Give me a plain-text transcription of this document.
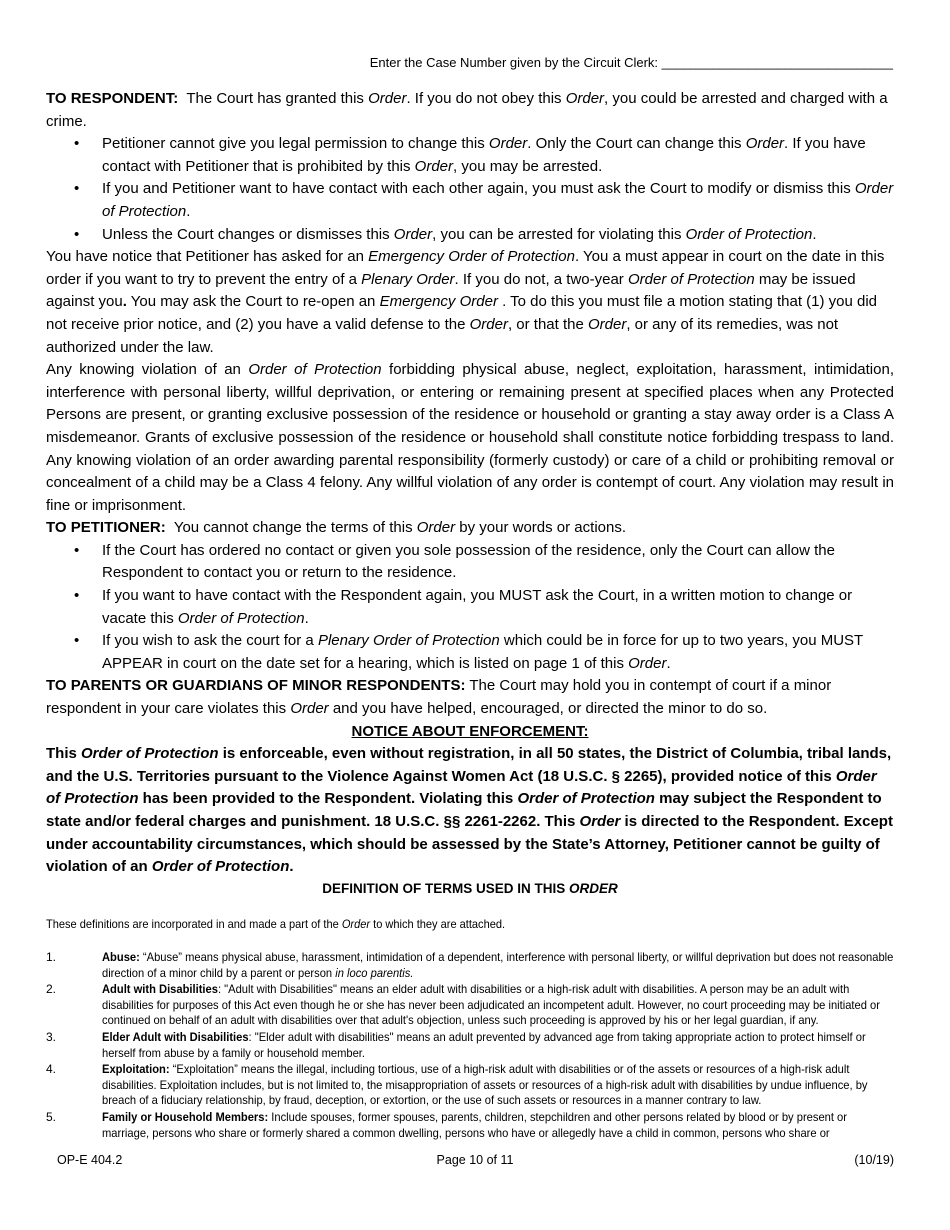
Enter the Case Number given by the Circuit Clerk: ________________________________

TO RESPONDENT: The Court has granted this Order. If you do not obey this Order, you could be arrested and charged with a crime.

• Petitioner cannot give you legal permission to change this Order. Only the Court can change this Order. If you have contact with Petitioner that is prohibited by this Order, you may be arrested.
• If you and Petitioner want to have contact with each other again, you must ask the Court to modify or dismiss this Order of Protection.
• Unless the Court changes or dismisses this Order, you can be arrested for violating this Order of Protection.

You have notice that Petitioner has asked for an Emergency Order of Protection. You a must appear in court on the date in this order if you want to try to prevent the entry of a Plenary Order. If you do not, a two-year Order of Protection may be issued against you. You may ask the Court to re-open an Emergency Order . To do this you must file a motion stating that (1) you did not receive prior notice, and (2) you have a valid defense to the Order, or that the Order, or any of its remedies, was not authorized under the law.

Any knowing violation of an Order of Protection forbidding physical abuse, neglect, exploitation, harassment, intimidation, interference with personal liberty, willful deprivation, or entering or remaining present at specified places when any Protected Persons are present, or granting exclusive possession of the residence or household or granting a stay away order is a Class A misdemeanor. Grants of exclusive possession of the residence or household shall constitute notice forbidding trespass to land. Any knowing violation of an order awarding parental responsibility (formerly custody) or care of a child or prohibiting removal or concealment of a child may be a Class 4 felony. Any willful violation of any order is contempt of court. Any violation may result in fine or imprisonment.

TO PETITIONER: You cannot change the terms of this Order by your words or actions.

• If the Court has ordered no contact or given you sole possession of the residence, only the Court can allow the Respondent to contact you or return to the residence.
• If you want to have contact with the Respondent again, you MUST ask the Court, in a written motion to change or vacate this Order of Protection.
• If you wish to ask the court for a Plenary Order of Protection which could be in force for up to two years, you MUST APPEAR in court on the date set for a hearing, which is listed on page 1 of this Order.

TO PARENTS OR GUARDIANS OF MINOR RESPONDENTS: The Court may hold you in contempt of court if a minor respondent in your care violates this Order and you have helped, encouraged, or directed the minor to do so.

NOTICE ABOUT ENFORCEMENT:

This Order of Protection is enforceable, even without registration, in all 50 states, the District of Columbia, tribal lands, and the U.S. Territories pursuant to the Violence Against Women Act (18 U.S.C. § 2265), provided notice of this Order of Protection has been provided to the Respondent. Violating this Order of Protection may subject the Respondent to state and/or federal charges and punishment. 18 U.S.C. §§ 2261-2262. This Order is directed to the Respondent. Except under accountability circumstances, which should be assessed by the State’s Attorney, Petitioner cannot be guilty of violation of an Order of Protection.

DEFINITION OF TERMS USED IN THIS ORDER
These definitions are incorporated in and made a part of the Order to which they are attached.
1.	Abuse: “Abuse” means physical abuse, harassment, intimidation of a dependent, interference with personal liberty, or willful deprivation but does not reasonable direction of a minor child by a parent or person in loco parentis.
2.	Adult with Disabilities: "Adult with Disabilities" means an elder adult with disabilities or a high-risk adult with disabilities. A person may be an adult with disabilities for purposes of this Act even though he or she has never been adjudicated an incompetent adult. However, no court proceeding may be initiated or continued on behalf of an adult with disabilities over that adult's objection, unless such proceeding is approved by his or her legal guardian, if any.
3.	Elder Adult with Disabilities: "Elder adult with disabilities" means an adult prevented by advanced age from taking appropriate action to protect himself or herself from abuse by a family or household member.
4.	Exploitation: “Exploitation” means the illegal, including tortious, use of a high-risk adult with disabilities or of the assets or resources of a high-risk adult disabilities. Exploitation includes, but is not limited to, the misappropriation of assets or resources of a high-risk adult with disabilities by undue influence, by breach of a fiduciary relationship, by fraud, deception, or extortion, or the use of such assets or resources in a manner contrary to law.
5.	Family or Household Members: Include spouses, former spouses, parents, children, stepchildren and other persons related by blood or by present or marriage, persons who share or formerly shared a common dwelling, persons who have or allegedly have a child in common, persons who share or
OP-E 404.2	Page 10 of 11	(10/19)
